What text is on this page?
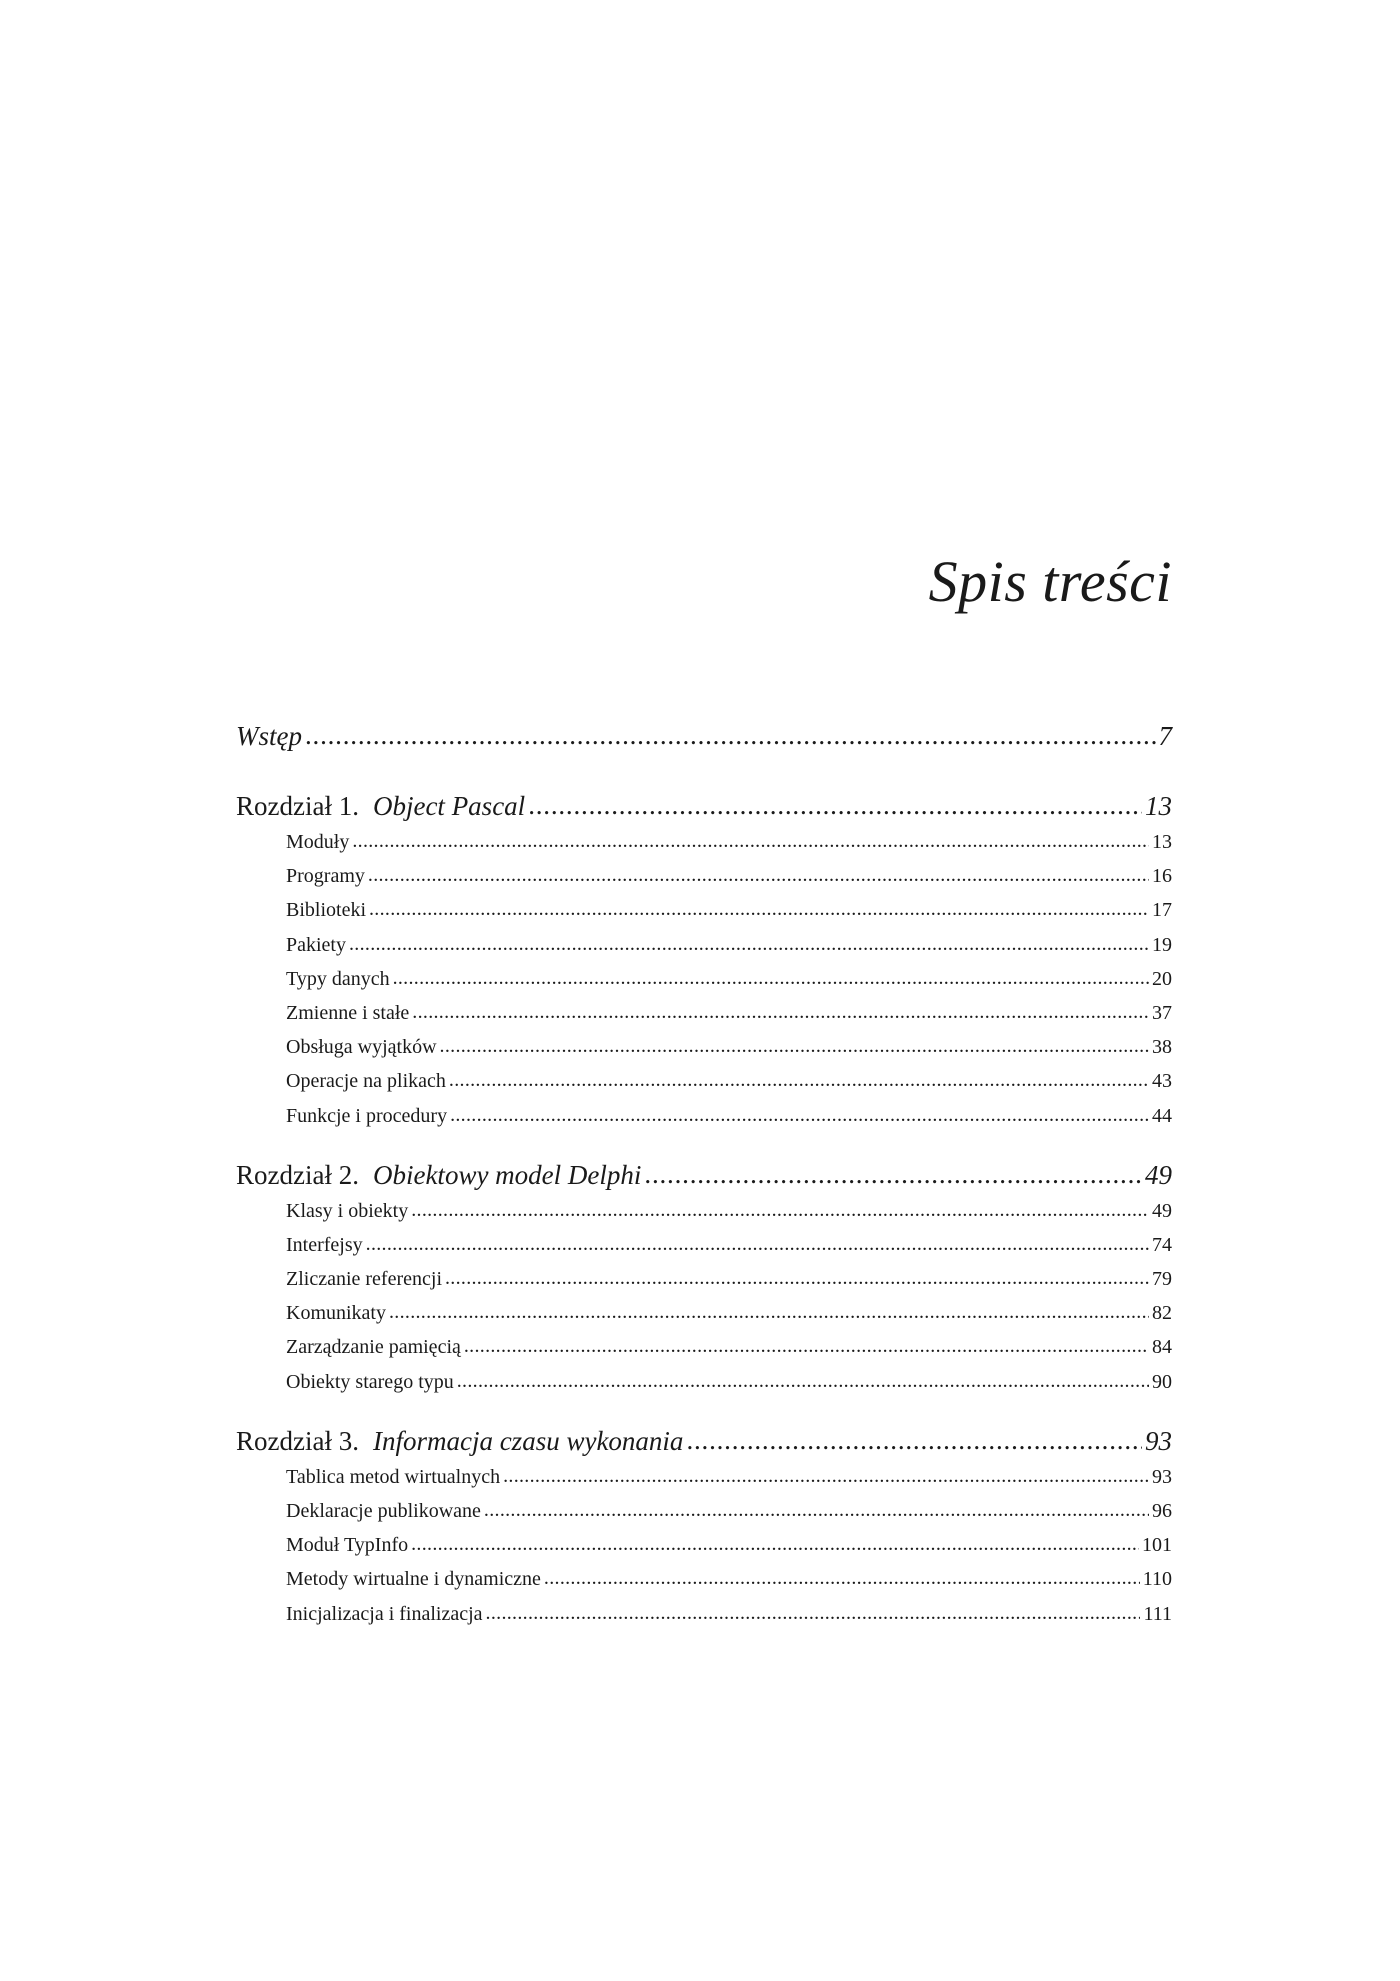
Spis treści
Wstęp .....	7
Rozdział 1. Object Pascal .....	13
Moduły .....	13
Programy .....	16
Biblioteki .....	17
Pakiety .....	19
Typy danych .....	20
Zmienne i stałe .....	37
Obsługa wyjątków .....	38
Operacje na plikach .....	43
Funkcje i procedury .....	44
Rozdział 2. Obiektowy model Delphi .....	49
Klasy i obiekty .....	49
Interfejsy .....	74
Zliczanie referencji .....	79
Komunikaty .....	82
Zarządzanie pamięcią .....	84
Obiekty starego typu .....	90
Rozdział 3. Informacja czasu wykonania .....	93
Tablica metod wirtualnych .....	93
Deklaracje publikowane .....	96
Moduł TypInfo .....	101
Metody wirtualne i dynamiczne .....	110
Inicjalizacja i finalizacja .....	111
